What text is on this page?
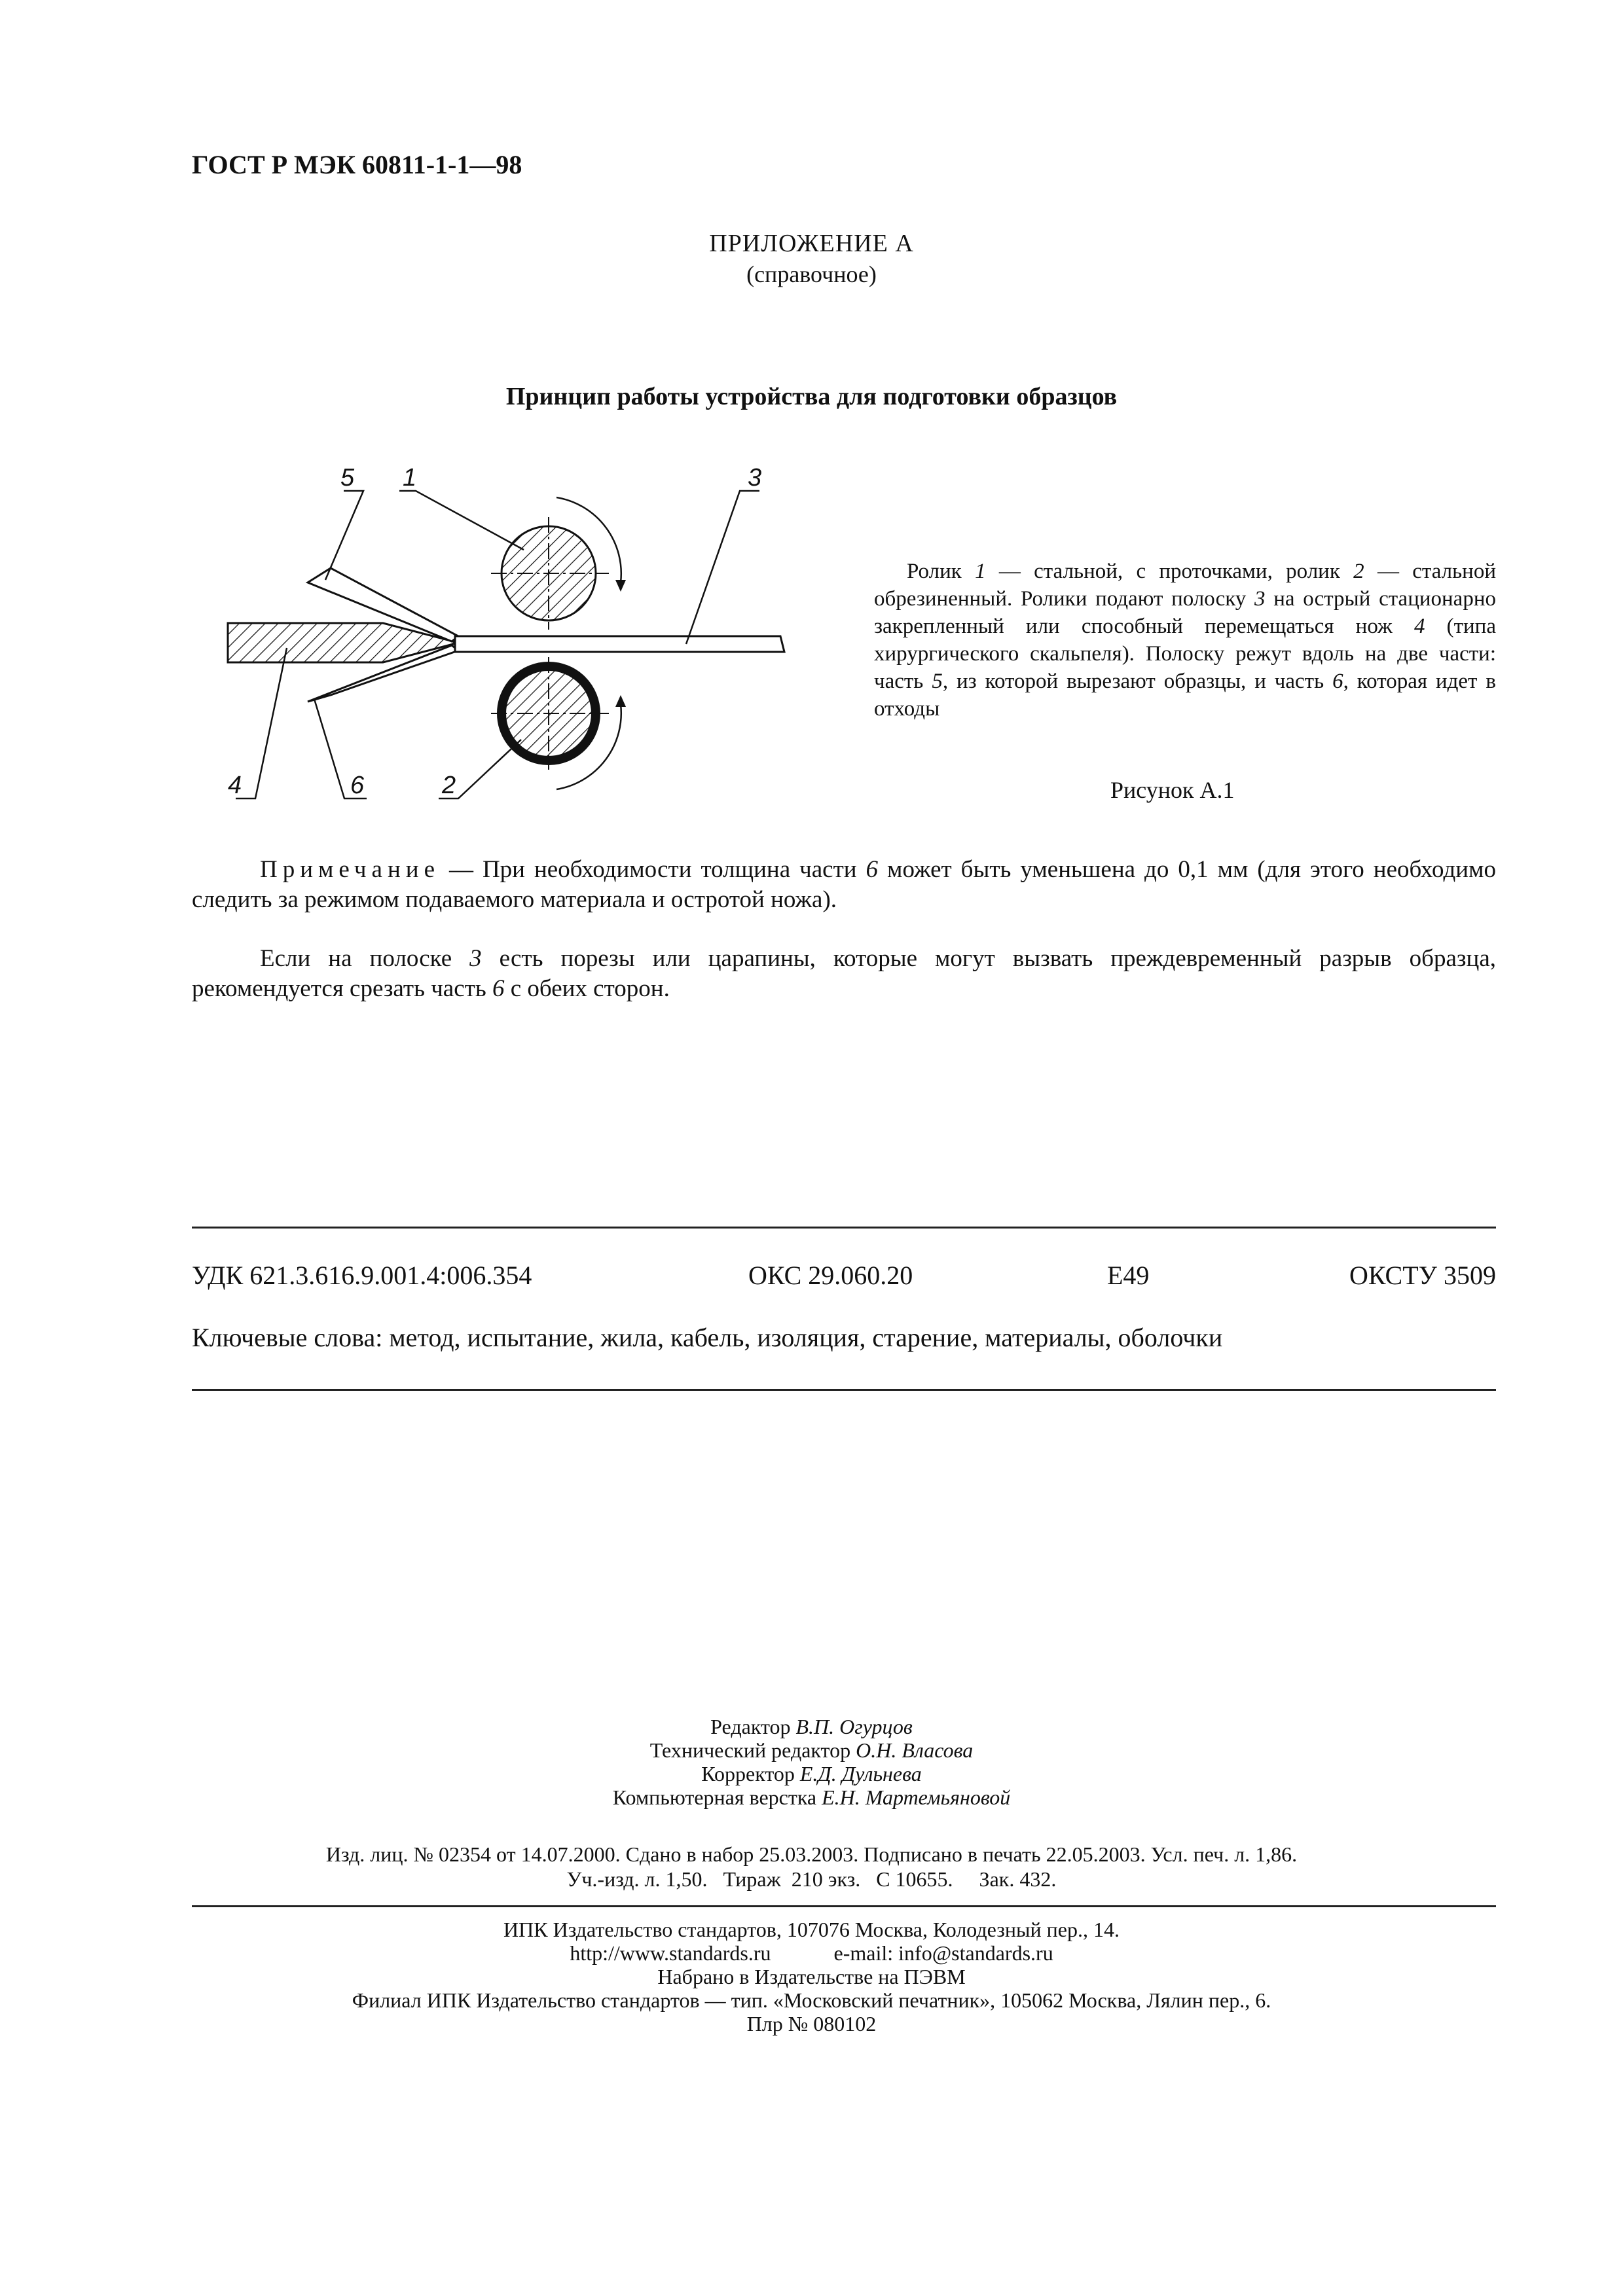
ГОСТ Р МЭК 60811-1-1—98
ПРИЛОЖЕНИЕ А
(справочное)
Принцип работы устройства для подготовки образцов
5 1	3
4	6	2
Ролик 1 — стальной, с проточками, ролик 2 — стальной обрезиненный. Ролики подают полоску 3 на острый стационарно закрепленный или способный перемещаться нож 4 (типа хирургического скальпеля). Полоску режут вдоль на две части: часть 5, из которой вырезают образцы, и часть 6, которая идет в отходы
Рисунок А.1
Примечание — При необходимости толщина части 6 может быть уменьшена до 0,1 мм (для этого необходимо следить за режимом подаваемого материала и остротой ножа).
Если на полоске 3 есть порезы или царапины, которые могут вызвать преждевременный разрыв образца, рекомендуется срезать часть 6 с обеих сторон.
УДК 621.3.616.9.001.4:006.354	ОКС 29.060.20	Е49	ОКСТУ 3509
Ключевые слова: метод, испытание, жила, кабель, изоляция, старение, материалы, оболочки
Редактор В.П. Огурцов
Технический редактор О.Н. Власова
Корректор Е.Д. Дульнева
Компьютерная верстка Е.Н. Мартемьяновой
Изд. лиц. № 02354 от 14.07.2000. Сдано в набор 25.03.2003. Подписано в печать 22.05.2003. Усл. печ. л. 1,86.
Уч.-изд. л. 1,50.   Тираж  210 экз.   С 10655.     Зак. 432.
ИПК Издательство стандартов, 107076 Москва, Колодезный пер., 14.
http://www.standards.ru            e-mail: info@standards.ru
Набрано в Издательстве на ПЭВМ
Филиал ИПК Издательство стандартов — тип. «Московский печатник», 105062 Москва, Лялин пер., 6.
Плр № 080102
